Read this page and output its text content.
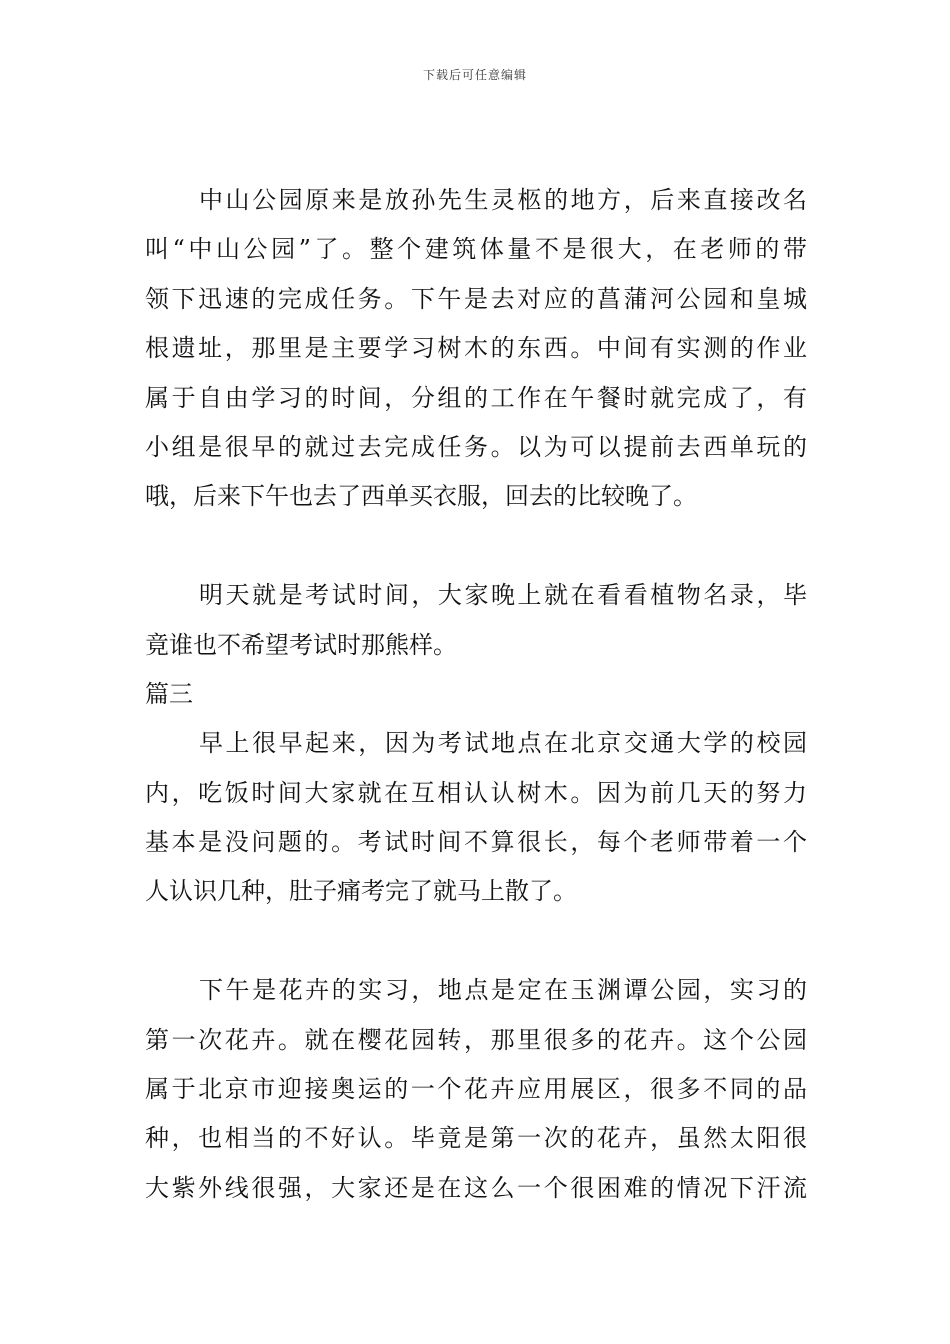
下载后可任意编辑
中山公园原来是放孙先生灵柩的地方，后来直接改名
叫“中山公园”了。整个建筑体量不是很大，在老师的带
领下迅速的完成任务。下午是去对应的菖蒲河公园和皇城
根遗址，那里是主要学习树木的东西。中间有实测的作业
属于自由学习的时间，分组的工作在午餐时就完成了，有
小组是很早的就过去完成任务。以为可以提前去西单玩的
哦，后来下午也去了西单买衣服，回去的比较晚了。
明天就是考试时间，大家晚上就在看看植物名录，毕
竟谁也不希望考试时那熊样。
篇三
早上很早起来，因为考试地点在北京交通大学的校园
内，吃饭时间大家就在互相认认树木。因为前几天的努力
基本是没问题的。考试时间不算很长，每个老师带着一个
人认识几种，肚子痛考完了就马上散了。
下午是花卉的实习，地点是定在玉渊谭公园，实习的
第一次花卉。就在樱花园转，那里很多的花卉。这个公园
属于北京市迎接奥运的一个花卉应用展区，很多不同的品
种，也相当的不好认。毕竟是第一次的花卉，虽然太阳很
大紫外线很强，大家还是在这么一个很困难的情况下汗流
